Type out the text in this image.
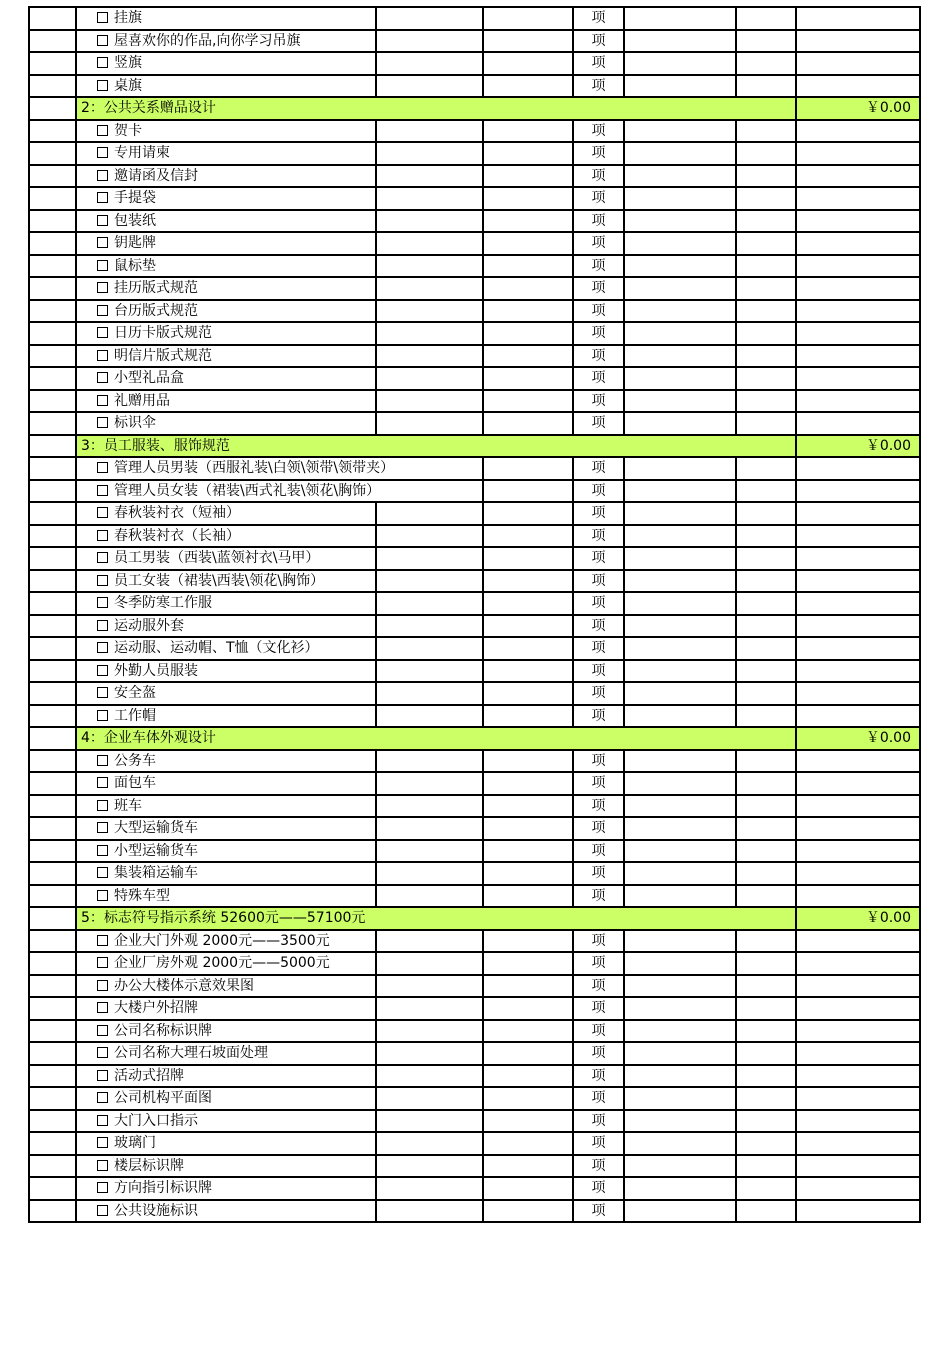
	挂旗			项			
	屋喜欢你的作品,向你学习吊旗			项			
	竖旗			项			
	桌旗			项			
	2：公共关系赠品设计						￥0.00
	贺卡			项			
	专用请柬			项			
	邀请函及信封			项			
	手提袋			项			
	包装纸			项			
	钥匙牌			项			
	鼠标垫			项			
	挂历版式规范			项			
	台历版式规范			项			
	日历卡版式规范			项			
	明信片版式规范			项			
	小型礼品盒			项			
	礼赠用品			项			
	标识伞			项			
	3：员工服装、服饰规范						￥0.00
	管理人员男装（西服礼装\白领\领带\领带夹）			项			
	管理人员女装（裙装\西式礼装\领花\胸饰）			项			
	春秋装衬衣（短袖）			项			
	春秋装衬衣（长袖）			项			
	员工男装（西装\蓝领衬衣\马甲）			项			
	员工女装（裙装\西装\领花\胸饰）			项			
	冬季防寒工作服			项			
	运动服外套			项			
	运动服、运动帽、T恤（文化衫）			项			
	外勤人员服装			项			
	安全盔			项			
	工作帽			项			
	4：企业车体外观设计						￥0.00
	公务车			项			
	面包车			项			
	班车			项			
	大型运输货车			项			
	小型运输货车			项			
	集装箱运输车			项			
	特殊车型			项			
	5：标志符号指示系统 52600元——57100元						￥0.00
	企业大门外观 2000元——3500元			项			
	企业厂房外观 2000元——5000元			项			
	办公大楼体示意效果图			项			
	大楼户外招牌			项			
	公司名称标识牌			项			
	公司名称大理石坡面处理			项			
	活动式招牌			项			
	公司机构平面图			项			
	大门入口指示			项			
	玻璃门			项			
	楼层标识牌			项			
	方向指引标识牌			项			
	公共设施标识			项			
